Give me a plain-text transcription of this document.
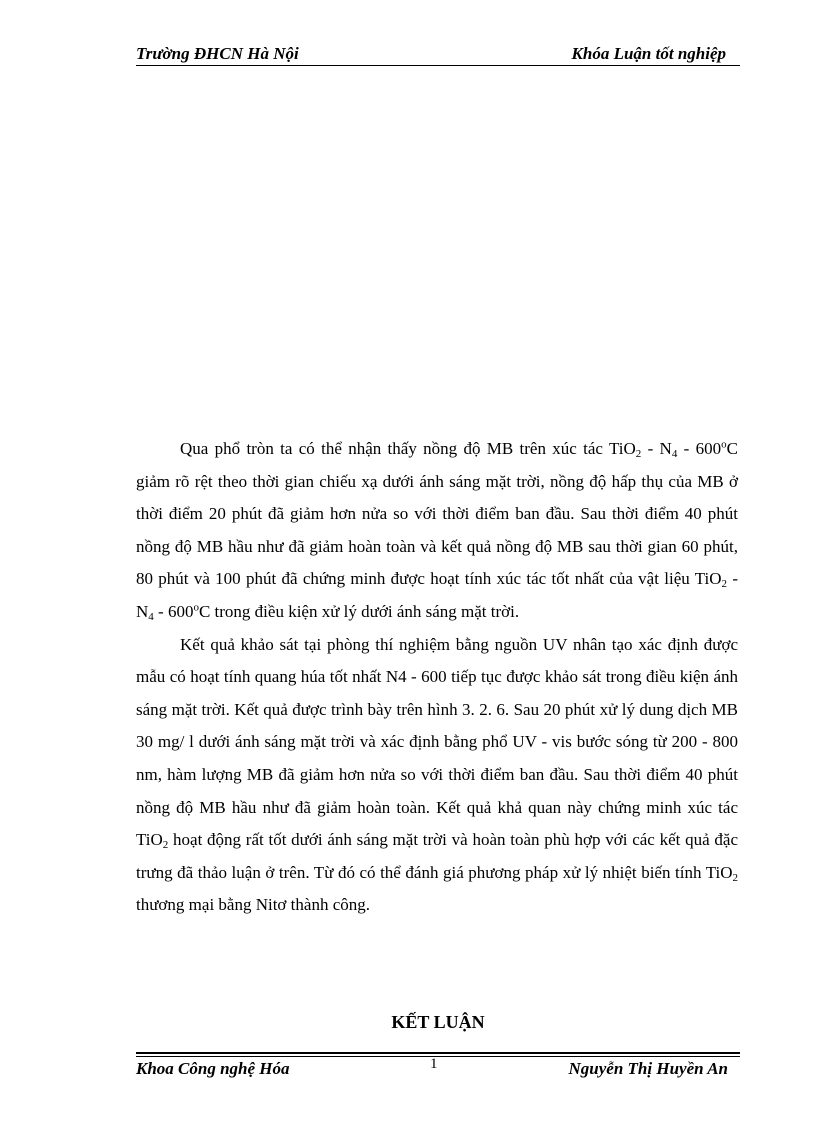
Trường ĐHCN Hà Nội	Khóa Luận tốt nghiệp

Qua phổ tròn ta có thể nhận thấy nồng độ MB trên xúc tác $TiO_2 - N_4 - 600^oC$ giảm rõ rệt theo thời gian chiếu xạ dưới ánh sáng mặt trời, nồng độ hấp thụ của MB ở thời điểm 20 phút đã giảm hơn nửa so với thời điểm ban đầu. Sau thời điểm 40 phút nồng độ MB hầu như đã giảm hoàn toàn và kết quả nồng độ MB sau thời gian 60 phút, 80 phút và 100 phút đã chứng minh được hoạt tính xúc tác tốt nhất của vật liệu $TiO_2 - N_4 - 600^oC$ trong điều kiện xử lý dưới ánh sáng mặt trời.

Kết quả khảo sát tại phòng thí nghiệm bằng nguồn UV nhân tạo xác định được mẫu có hoạt tính quang húa tốt nhất N4 - 600 tiếp tục được khảo sát trong điều kiện ánh sáng mặt trời. Kết quả được trình bày trên hình 3. 2. 6. Sau 20 phút xử lý dung dịch MB 30 mg/ l dưới ánh sáng mặt trời và xác định bằng phổ UV - vis bước sóng từ 200 - 800 nm, hàm lượng MB đã giảm hơn nửa so với thời điểm ban đầu. Sau thời điểm 40 phút nồng độ MB hầu như đã giảm hoàn toàn. Kết quả khả quan này chứng minh xúc tác TiO$_2$ hoạt động rất tốt dưới ánh sáng mặt trời và hoàn toàn phù hợp với các kết quả đặc trưng đã thảo luận ở trên. Từ đó có thể đánh giá phương pháp xử lý nhiệt biến tính TiO$_2$ thương mại bằng Nitơ thành công.

KẾT LUẬN
Khoa Công nghệ Hóa	1	Nguyễn Thị Huyền An
